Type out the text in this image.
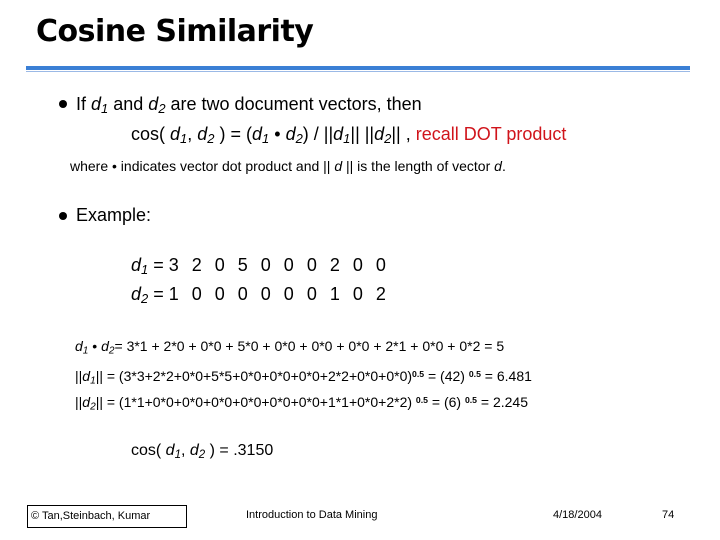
Cosine Similarity
If $d_1$ and $d_2$ are two document vectors, then
cos( $d_1$, $d_2$ ) = ($d_1$ • $d_2) / ||d_1||$ $||d_2||$ , recall DOT product
where • indicates vector dot product and || d || is the length of vector d.
Example:
$d_1 = 3$ 2 0 5 0 0 0 2 0 0
$d_2 = 1$ 0 0 0 0 0 0 1 0 2
$d_1$ • $d_2= 3*1 + 2*0 + 0*0 + 5*0 + 0*0 + 0*0 + 0*0 + 2*1 + 0*0 + 0*2 = 5$
$||d_1|| = (3*3+2*2+0*0+5*5+0*0+0*0+0*0+2*2+0*0+0*0)^{0.5} = (42) ^{0.5} = 6.481$
$||d_2|| = (1*1+0*0+0*0+0*0+0*0+0*0+0*0+1*1+0*0+2*2) ^{0.5} = (6) ^{0.5} = 2.245$
cos( $d_1$, $d_2$ ) = .3150
© Tan,Steinbach, Kumar	Introduction to Data Mining	4/18/2004	74
